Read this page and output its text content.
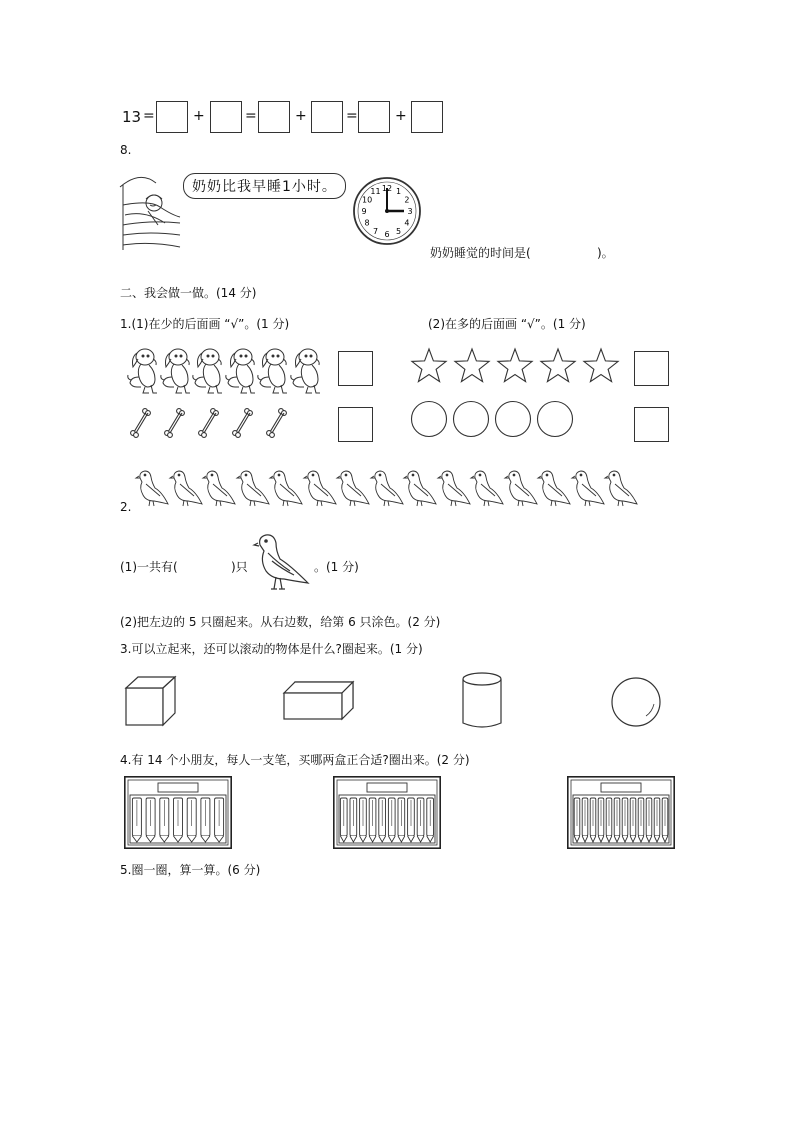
13 =	+	=	+	=	+
8.
奶奶比我早睡1小时。	12 1
2
3
4
5
6
7
8
9
10
11
奶奶睡觉的时间是(	)。
二、我会做一做。(14 分)
1.(1)在少的后面画 “√”。(1 分)	(2)在多的后面画 “√”。(1 分)
2.
(1)一共有(	)只	。(1 分)
(2)把左边的 5 只圈起来。从右边数，给第 6 只涂色。(2 分)
3.可以立起来，还可以滚动的物体是什么?圈起来。(1 分)
4.有 14 个小朋友，每人一支笔，买哪两盒正合适?圈出来。(2 分)
5.圈一圈，算一算。(6 分)
